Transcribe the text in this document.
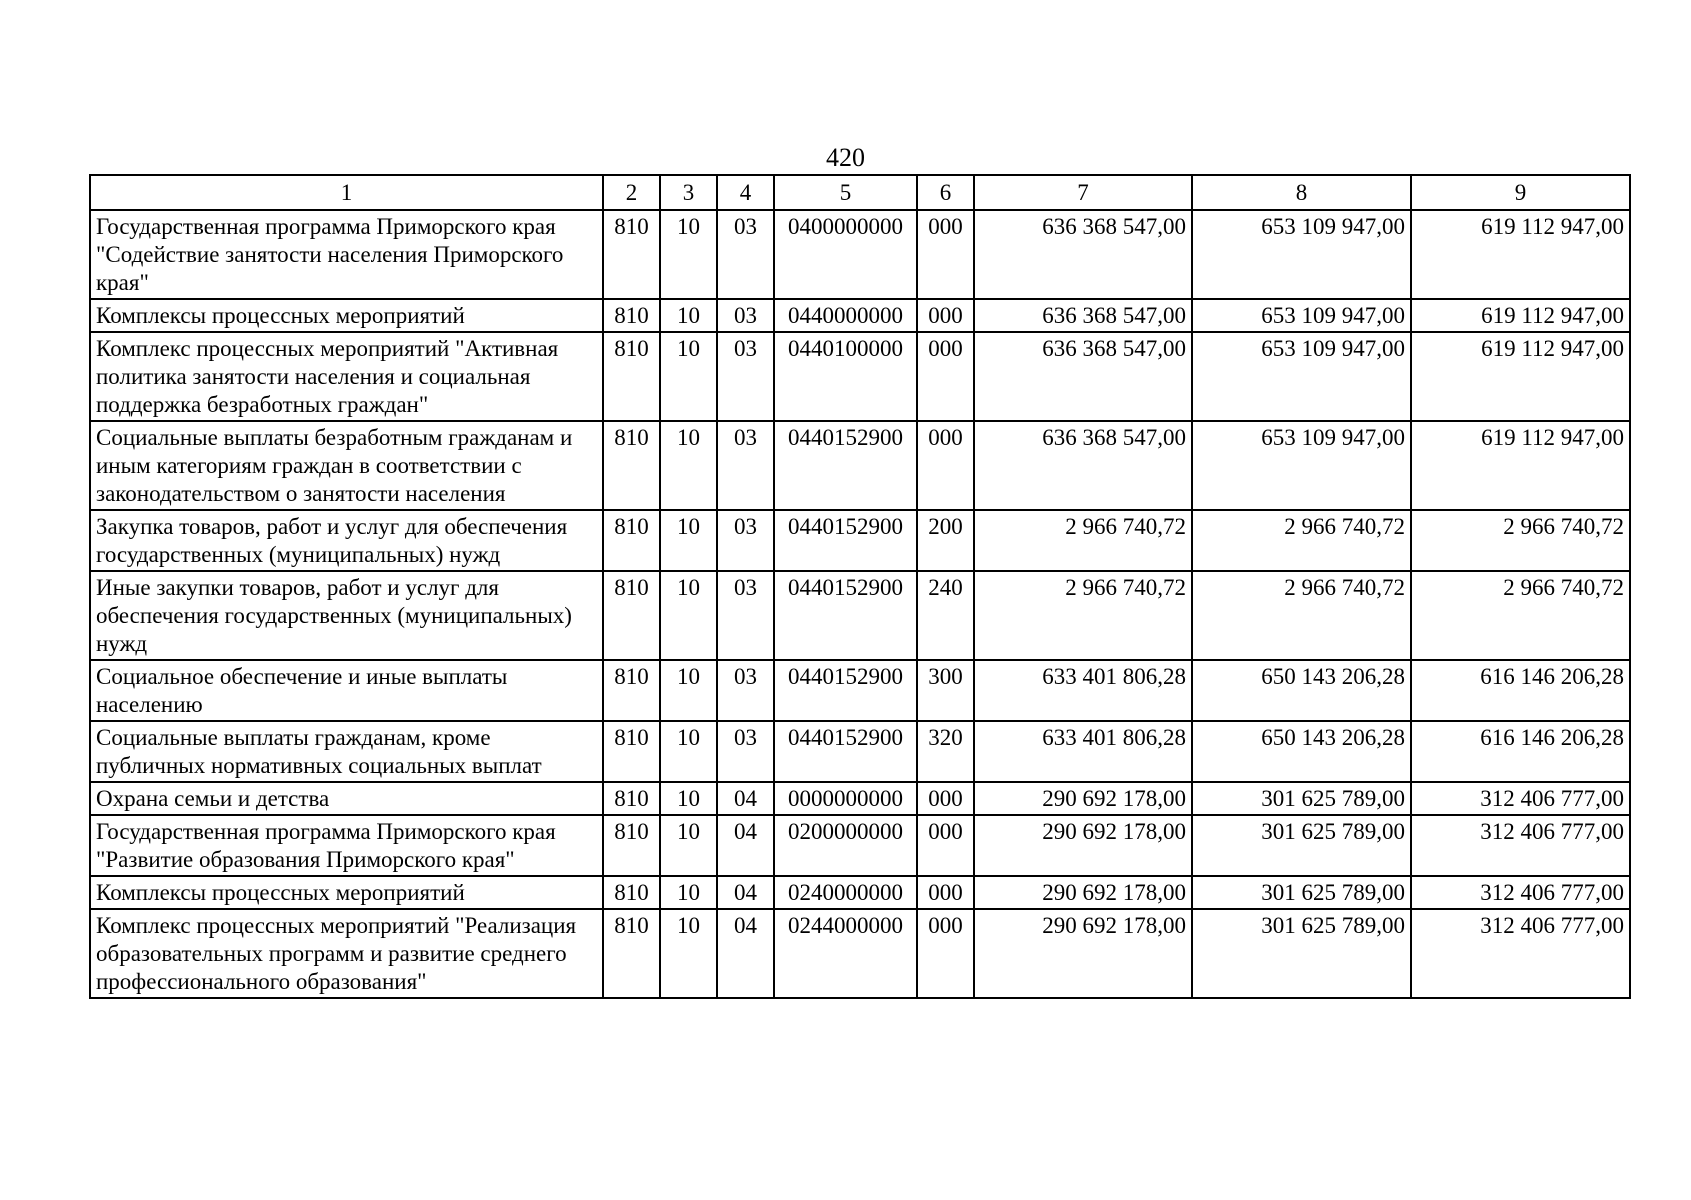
420
1	2	3	4	5	6	7	8	9
Государственная программа Приморского края "Содействие занятости населения Приморского края"	810	10	03	0400000000	000	636 368 547,00	653 109 947,00	619 112 947,00
Комплексы процессных мероприятий	810	10	03	0440000000	000	636 368 547,00	653 109 947,00	619 112 947,00
Комплекс процессных мероприятий "Активная политика занятости населения и социальная поддержка безработных граждан"	810	10	03	0440100000	000	636 368 547,00	653 109 947,00	619 112 947,00
Социальные выплаты безработным гражданам и иным категориям граждан в соответствии с законодательством о занятости населения	810	10	03	0440152900	000	636 368 547,00	653 109 947,00	619 112 947,00
Закупка товаров, работ и услуг для обеспечения государственных (муниципальных) нужд	810	10	03	0440152900	200	2 966 740,72	2 966 740,72	2 966 740,72
Иные закупки товаров, работ и услуг для обеспечения государственных (муниципальных) нужд	810	10	03	0440152900	240	2 966 740,72	2 966 740,72	2 966 740,72
Социальное обеспечение и иные выплаты населению	810	10	03	0440152900	300	633 401 806,28	650 143 206,28	616 146 206,28
Социальные выплаты гражданам, кроме публичных нормативных социальных выплат	810	10	03	0440152900	320	633 401 806,28	650 143 206,28	616 146 206,28
Охрана семьи и детства	810	10	04	0000000000	000	290 692 178,00	301 625 789,00	312 406 777,00
Государственная программа Приморского края "Развитие образования Приморского края"	810	10	04	0200000000	000	290 692 178,00	301 625 789,00	312 406 777,00
Комплексы процессных мероприятий	810	10	04	0240000000	000	290 692 178,00	301 625 789,00	312 406 777,00
Комплекс процессных мероприятий "Реализация образовательных программ и развитие среднего профессионального образования"	810	10	04	0244000000	000	290 692 178,00	301 625 789,00	312 406 777,00
